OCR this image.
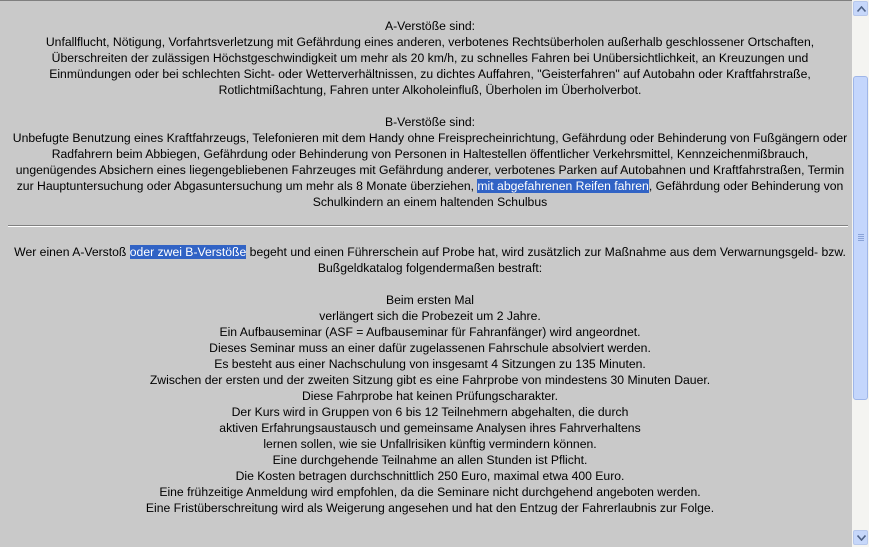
A-Verstöße sind:
Unfallflucht, Nötigung, Vorfahrtsverletzung mit Gefährdung eines anderen, verbotenes Rechtsüberholen außerhalb geschlossener Ortschaften, Überschreiten der zulässigen Höchstgeschwindigkeit um mehr als 20 km/h, zu schnelles Fahren bei Unübersichtlichkeit, an Kreuzungen und Einmündungen oder bei schlechten Sicht- oder Wetterverhältnissen, zu dichtes Auffahren, "Geisterfahren" auf Autobahn oder Kraftfahrstraße, Rotlichtmißachtung, Fahren unter Alkoholeinfluß, Überholen im Überholverbot.
B-Verstöße sind:
Unbefugte Benutzung eines Kraftfahrzeugs, Telefonieren mit dem Handy ohne Freisprecheinrichtung, Gefährdung oder Behinderung von Fußgängern oder Radfahrern beim Abbiegen, Gefährdung oder Behinderung von Personen in Haltestellen öffentlicher Verkehrsmittel, Kennzeichenmißbrauch, ungenügendes Absichern eines liegengebliebenen Fahrzeuges mit Gefährdung anderer, verbotenes Parken auf Autobahnen und Kraftfahrstraßen, Termin zur Hauptuntersuchung oder Abgasuntersuchung um mehr als 8 Monate überziehen, mit abgefahrenen Reifen fahren, Gefährdung oder Behinderung von Schulkindern an einem haltenden Schulbus
Wer einen A-Verstoß oder zwei B-Verstöße begeht und einen Führerschein auf Probe hat, wird zusätzlich zur Maßnahme aus dem Verwarnungsgeld- bzw. Bußgeldkatalog folgendermaßen bestraft:
Beim ersten Mal
verlängert sich die Probezeit um 2 Jahre.
Ein Aufbauseminar (ASF = Aufbauseminar für Fahranfänger) wird angeordnet.
Dieses Seminar muss an einer dafür zugelassenen Fahrschule absolviert werden.
Es besteht aus einer Nachschulung von insgesamt 4 Sitzungen zu 135 Minuten.
Zwischen der ersten und der zweiten Sitzung gibt es eine Fahrprobe von mindestens 30 Minuten Dauer.
Diese Fahrprobe hat keinen Prüfungscharakter.
Der Kurs wird in Gruppen von 6 bis 12 Teilnehmern abgehalten, die durch
aktiven Erfahrungsaustausch und gemeinsame Analysen ihres Fahrverhaltens
lernen sollen, wie sie Unfallrisiken künftig vermindern können.
Eine durchgehende Teilnahme an allen Stunden ist Pflicht.
Die Kosten betragen durchschnittlich 250 Euro, maximal etwa 400 Euro.
Eine frühzeitige Anmeldung wird empfohlen, da die Seminare nicht durchgehend angeboten werden.
Eine Fristüberschreitung wird als Weigerung angesehen und hat den Entzug der Fahrerlaubnis zur Folge.
